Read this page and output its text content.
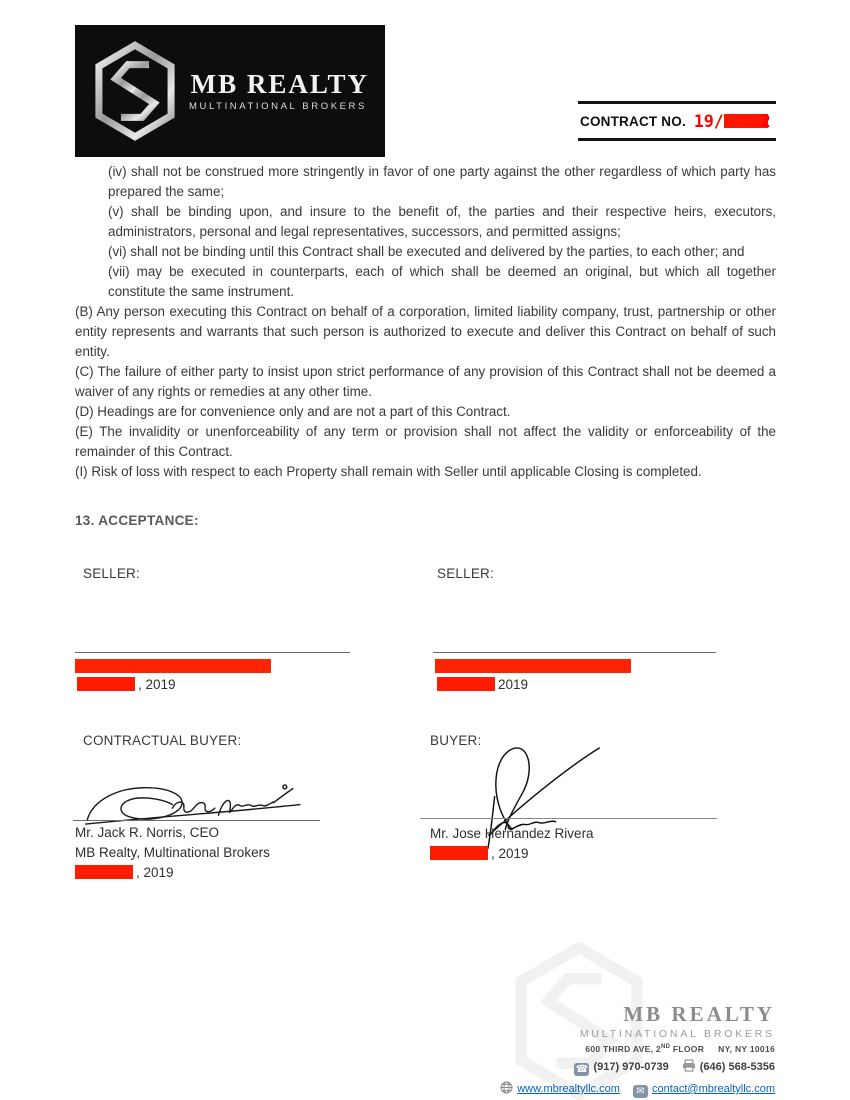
MB REALTY
MULTINATIONAL BROKERS
CONTRACT NO. 19/ 2

(iv) shall not be construed more stringently in favor of one party against the other regardless of which party has prepared the same;

(v) shall be binding upon, and insure to the benefit of, the parties and their respective heirs, executors, administrators, personal and legal representatives, successors, and permitted assigns;

(vi) shall not be binding until this Contract shall be executed and delivered by the parties, to each other; and

(vii) may be executed in counterparts, each of which shall be deemed an original, but which all together constitute the same instrument.

(B) Any person executing this Contract on behalf of a corporation, limited liability company, trust, partnership or other entity represents and warrants that such person is authorized to execute and deliver this Contract on behalf of such entity.

(C) The failure of either party to insist upon strict performance of any provision of this Contract shall not be deemed a waiver of any rights or remedies at any other time.

(D) Headings are for convenience only and are not a part of this Contract.

(E) The invalidity or unenforceability of any term or provision shall not affect the validity or enforceability of the remainder of this Contract.

(I) Risk of loss with respect to each Property shall remain with Seller until applicable Closing is completed.

13. ACCEPTANCE:
SELLER:	SELLER:
, 2019	2019
CONTRACTUAL BUYER:	BUYER:
Mr. Jack R. Norris, CEO
MB Realty, Multinational Brokers
, 2019
Mr. Jose Hernandez Rivera
, 2019
MB REALTY
MULTINATIONAL BROKERS
600 THIRD AVE, 2ND FLOOR NY, NY 10016
☎ (917) 970-0739	(646) 568-5356
www.mbrealtyllc.com ✉ contact@mbrealtyllc.com
